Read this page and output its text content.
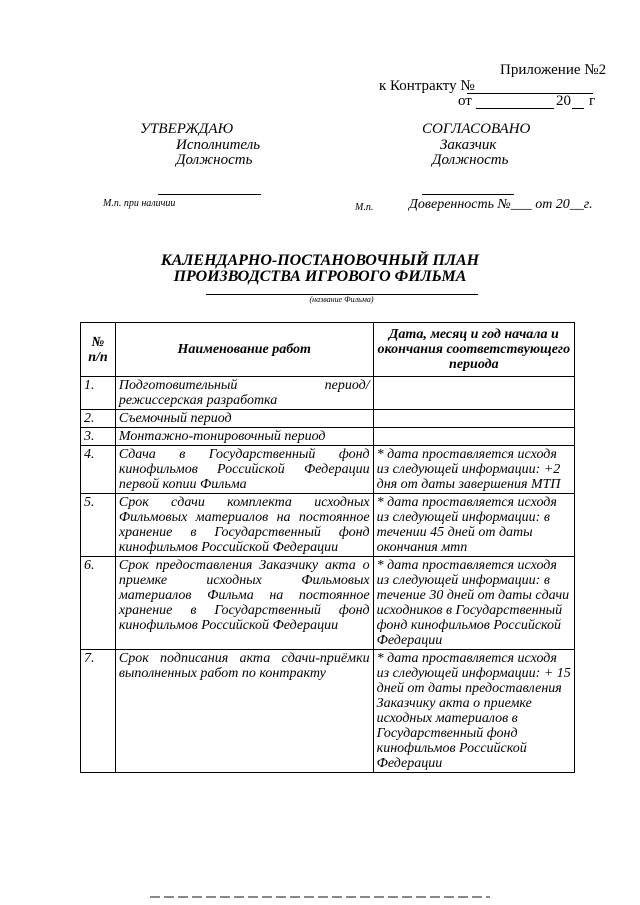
Приложение №2
к Контракту №
от	20 г
УТВЕРЖДАЮ
Исполнитель
Должность
М.п. при наличии
СОГЛАСОВАНО
Заказчик
Должность
М.п.	Доверенность №___ от 20__г.
КАЛЕНДАРНО-ПОСТАНОВОЧНЫЙ ПЛАН
ПРОИЗВОДСТВА ИГРОВОГО ФИЛЬМА
(название Фильма)
№ п/п	Наименование работ	Дата, месяц и год начала и окончания соответствующего периода
1.	Подготовительный период/режиссерская разработка	
2.	Съемочный период	
3.	Монтажно-тонировочный период	
4.	Сдача в Государственный фонд кинофильмов Российской Федерации первой копии Фильма	* дата проставляется исходя из следующей информации: +2 дня от даты завершения МТП
5.	Срок сдачи комплекта исходных Фильмовых материалов на постоянное хранение в Государственный фонд кинофильмов Российской Федерации	* дата проставляется исходя из следующей информации: в течении 45 дней от даты окончания мтп
6.	Срок предоставления Заказчику акта о приемке исходных Фильмовых материалов Фильма на постоянное хранение в Государственный фонд кинофильмов Российской Федерации	* дата проставляется исходя из следующей информации: в течение 30 дней от даты сдачи исходников в Государственный фонд кинофильмов Российской Федерации
7.	Срок подписания акта сдачи-приёмки выполненных работ по контракту	* дата проставляется исходя из следующей информации: + 15 дней от даты предоставления Заказчику акта о приемке исходных материалов в Государственный фонд кинофильмов Российской Федерации
